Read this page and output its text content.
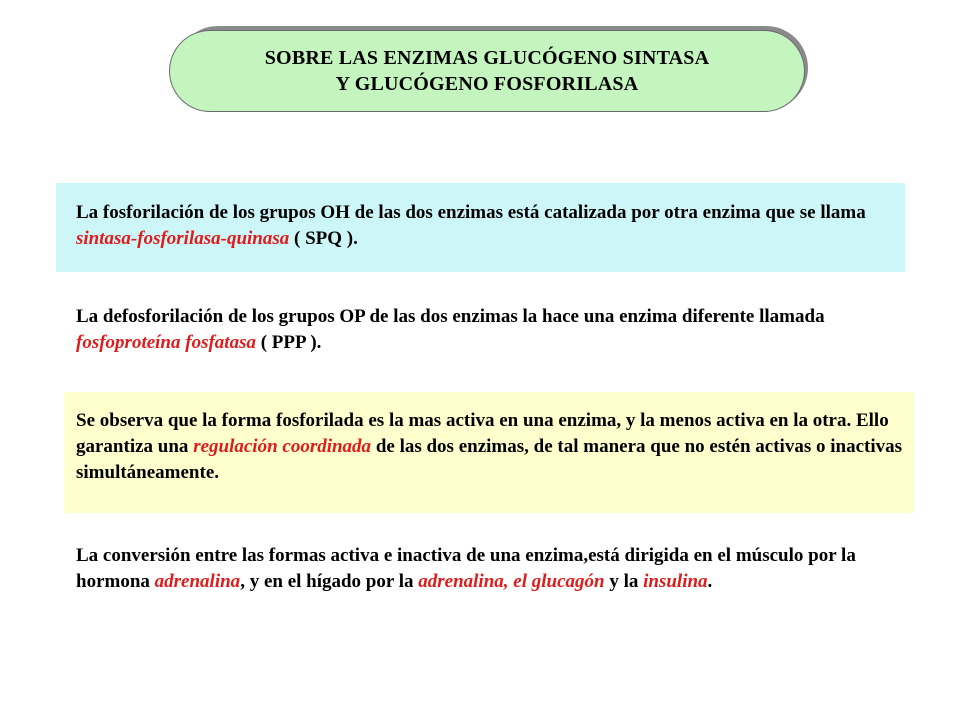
SOBRE LAS ENZIMAS GLUCÓGENO SINTASA
Y GLUCÓGENO FOSFORILASA

La fosforilación de los grupos OH de las dos enzimas está catalizada por otra enzima que se llama sintasa-fosforilasa-quinasa ( SPQ ).

La defosforilación de los grupos OP de las dos enzimas la hace una enzima diferente llamada fosfoproteína fosfatasa ( PPP ).

Se observa que la forma fosforilada es la mas activa en una enzima, y la menos activa en la otra. Ello garantiza una regulación coordinada de las dos enzimas, de tal manera que no estén activas o inactivas simultáneamente.

La conversión entre las formas activa e inactiva de una enzima,está dirigida en el músculo por la hormona adrenalina, y en el hígado por la adrenalina, el glucagón y la insulina.
